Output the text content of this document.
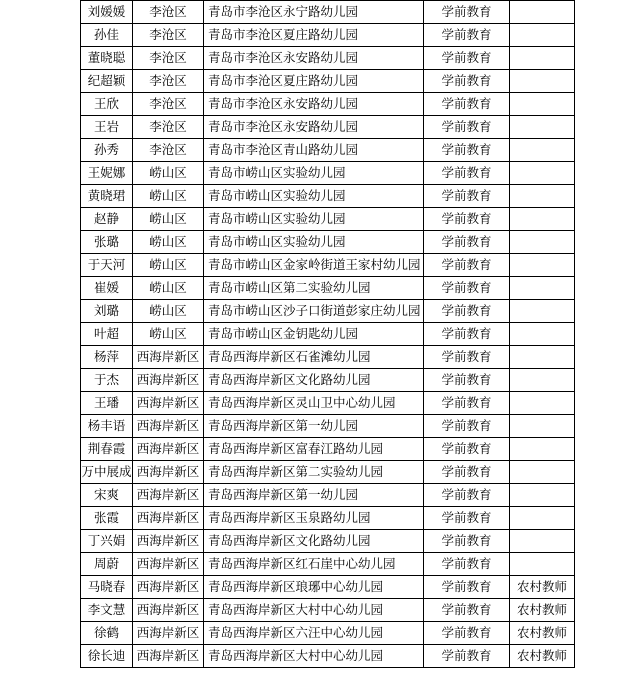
刘媛媛	李沧区	青岛市李沧区永宁路幼儿园	学前教育	
孙佳	李沧区	青岛市李沧区夏庄路幼儿园	学前教育	
董晓聪	李沧区	青岛市李沧区永安路幼儿园	学前教育	
纪超颖	李沧区	青岛市李沧区夏庄路幼儿园	学前教育	
王欣	李沧区	青岛市李沧区永安路幼儿园	学前教育	
王岩	李沧区	青岛市李沧区永安路幼儿园	学前教育	
孙秀	李沧区	青岛市李沧区青山路幼儿园	学前教育	
王妮娜	崂山区	青岛市崂山区实验幼儿园	学前教育	
黄晓珺	崂山区	青岛市崂山区实验幼儿园	学前教育	
赵静	崂山区	青岛市崂山区实验幼儿园	学前教育	
张璐	崂山区	青岛市崂山区实验幼儿园	学前教育	
于天河	崂山区	青岛市崂山区金家岭街道王家村幼儿园	学前教育	
崔媛	崂山区	青岛市崂山区第二实验幼儿园	学前教育	
刘璐	崂山区	青岛市崂山区沙子口街道彭家庄幼儿园	学前教育	
叶超	崂山区	青岛市崂山区金钥匙幼儿园	学前教育	
杨萍	西海岸新区	青岛西海岸新区石雀滩幼儿园	学前教育	
于杰	西海岸新区	青岛西海岸新区文化路幼儿园	学前教育	
王璠	西海岸新区	青岛西海岸新区灵山卫中心幼儿园	学前教育	
杨丰语	西海岸新区	青岛西海岸新区第一幼儿园	学前教育	
荆春霞	西海岸新区	青岛西海岸新区富春江路幼儿园	学前教育	
万中展成	西海岸新区	青岛西海岸新区第二实验幼儿园	学前教育	
宋爽	西海岸新区	青岛西海岸新区第一幼儿园	学前教育	
张霞	西海岸新区	青岛西海岸新区玉泉路幼儿园	学前教育	
丁兴娟	西海岸新区	青岛西海岸新区文化路幼儿园	学前教育	
周蔚	西海岸新区	青岛西海岸新区红石崖中心幼儿园	学前教育	
马晓春	西海岸新区	青岛西海岸新区琅琊中心幼儿园	学前教育	农村教师
李文慧	西海岸新区	青岛西海岸新区大村中心幼儿园	学前教育	农村教师
徐鹤	西海岸新区	青岛西海岸新区六汪中心幼儿园	学前教育	农村教师
徐长迪	西海岸新区	青岛西海岸新区大村中心幼儿园	学前教育	农村教师
